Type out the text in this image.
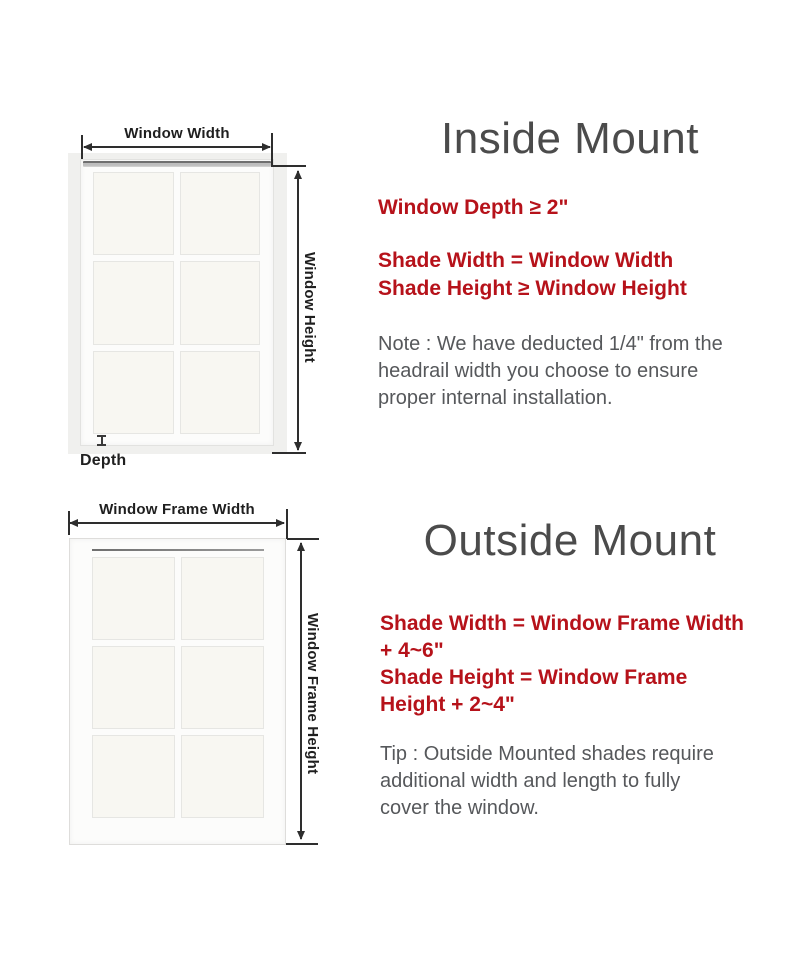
Window Width
Window Height
Depth
Inside Mount
Window Depth ≥ 2"
Shade Width = Window Width
Shade Height ≥ Window Height
Note : We have deducted 1/4" from the
headrail width you choose to ensure
proper internal installation.
Window Frame Width
Window Frame Height
Outside Mount
Shade Width = Window Frame Width
+ 4~6"
Shade Height = Window Frame
Height + 2~4"
Tip : Outside Mounted shades require
additional width and length to fully
cover the window.
